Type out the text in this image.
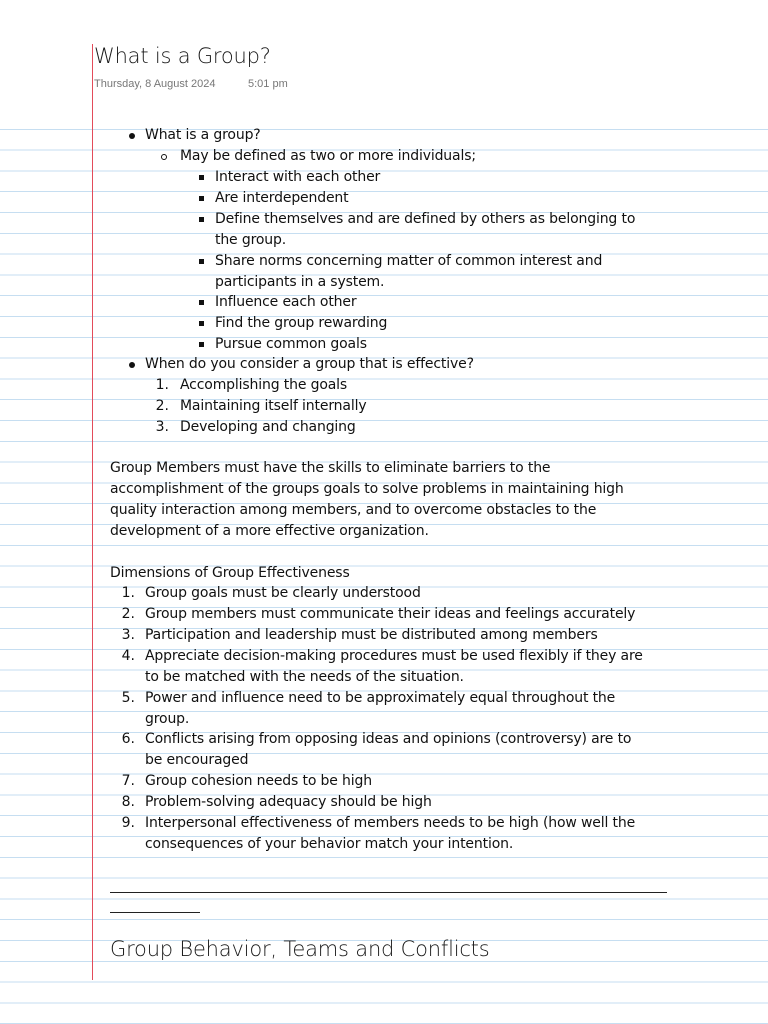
What is a Group?
Thursday, 8 August 2024	5:01 pm
What is a group?
May be defined as two or more individuals;
Interact with each other
Are interdependent
Define themselves and are defined by others as belonging to
the group.
Share norms concerning matter of common interest and
participants in a system.
Influence each other
Find the group rewarding
Pursue common goals
When do you consider a group that is effective?
1. Accomplishing the goals
2. Maintaining itself internally
3. Developing and changing
Group Members must have the skills to eliminate barriers to the
accomplishment of the groups goals to solve problems in maintaining high
quality interaction among members, and to overcome obstacles to the
development of a more effective organization.
Dimensions of Group Effectiveness
1. Group goals must be clearly understood
2. Group members must communicate their ideas and feelings accurately
3. Participation and leadership must be distributed among members
4. Appreciate decision-making procedures must be used flexibly if they are
to be matched with the needs of the situation.
5. Power and influence need to be approximately equal throughout the
group.
6. Conflicts arising from opposing ideas and opinions (controversy) are to
be encouraged
7. Group cohesion needs to be high
8. Problem-solving adequacy should be high
9. Interpersonal effectiveness of members needs to be high (how well the
consequences of your behavior match your intention.
Group Behavior, Teams and Conflicts
